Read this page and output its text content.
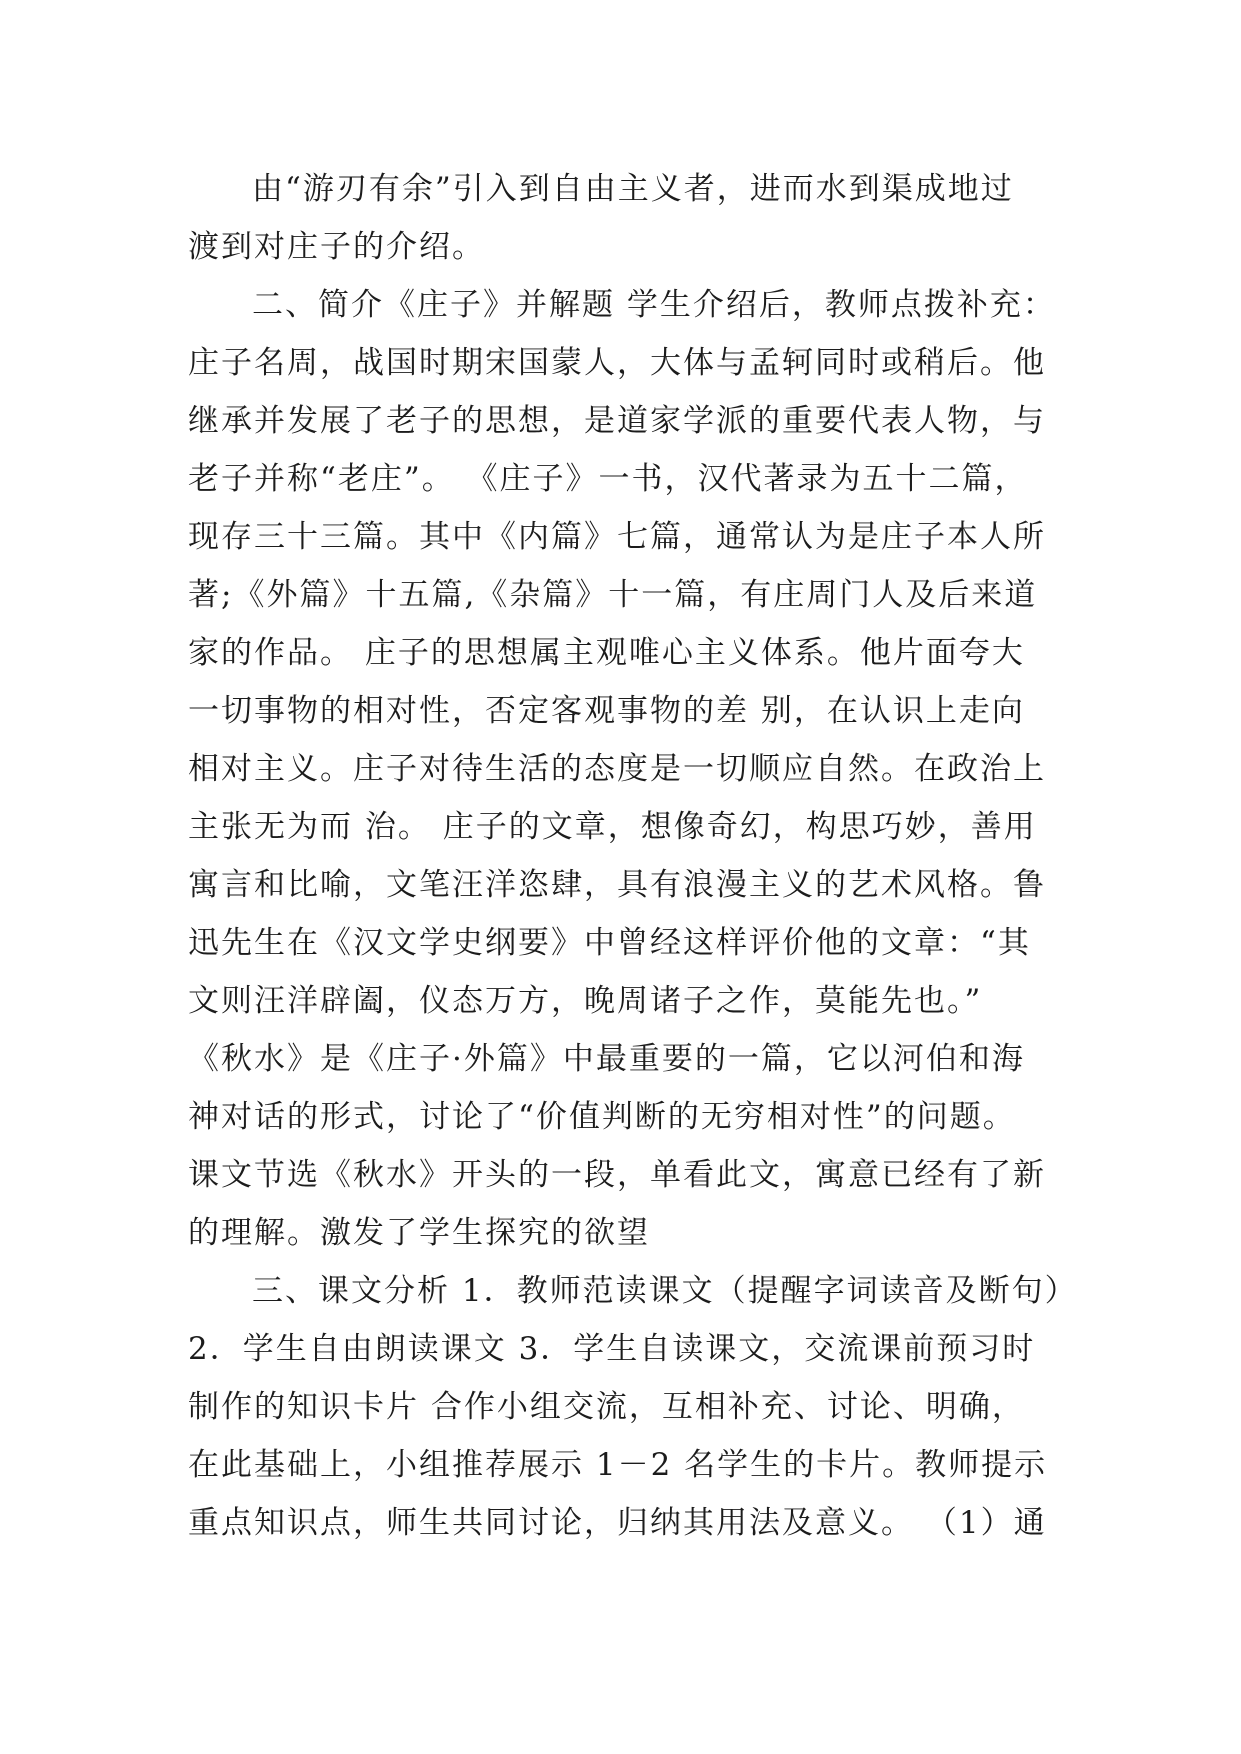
由“游刃有余”引入到自由主义者，进而水到渠成地过
渡到对庄子的介绍。
二、简介《庄子》并解题 学生介绍后，教师点拨补充：
庄子名周，战国时期宋国蒙人，大体与孟轲同时或稍后。他
继承并发展了老子的思想，是道家学派的重要代表人物，与
老子并称“老庄”。 《庄子》一书，汉代著录为五十二篇，
现存三十三篇。其中《内篇》七篇，通常认为是庄子本人所
著;《外篇》十五篇,《杂篇》十一篇，有庄周门人及后来道
家的作品。 庄子的思想属主观唯心主义体系。他片面夸大
一切事物的相对性，否定客观事物的差 别，在认识上走向
相对主义。庄子对待生活的态度是一切顺应自然。在政治上
主张无为而 治。 庄子的文章，想像奇幻，构思巧妙，善用
寓言和比喻，文笔汪洋恣肆，具有浪漫主义的艺术风格。鲁
迅先生在《汉文学史纲要》中曾经这样评价他的文章：“其
文则汪洋辟阖，仪态万方，晚周诸子之作，莫能先也。”
《秋水》是《庄子·外篇》中最重要的一篇，它以河伯和海
神对话的形式，讨论了“价值判断的无穷相对性”的问题。
课文节选《秋水》开头的一段，单看此文，寓意已经有了新
的理解。激发了学生探究的欲望
三、课文分析 1．教师范读课文（提醒字词读音及断句）
2．学生自由朗读课文 3．学生自读课文，交流课前预习时
制作的知识卡片 合作小组交流，互相补充、讨论、明确，
在此基础上，小组推荐展示 1－2 名学生的卡片。教师提示
重点知识点，师生共同讨论，归纳其用法及意义。 （1）通
